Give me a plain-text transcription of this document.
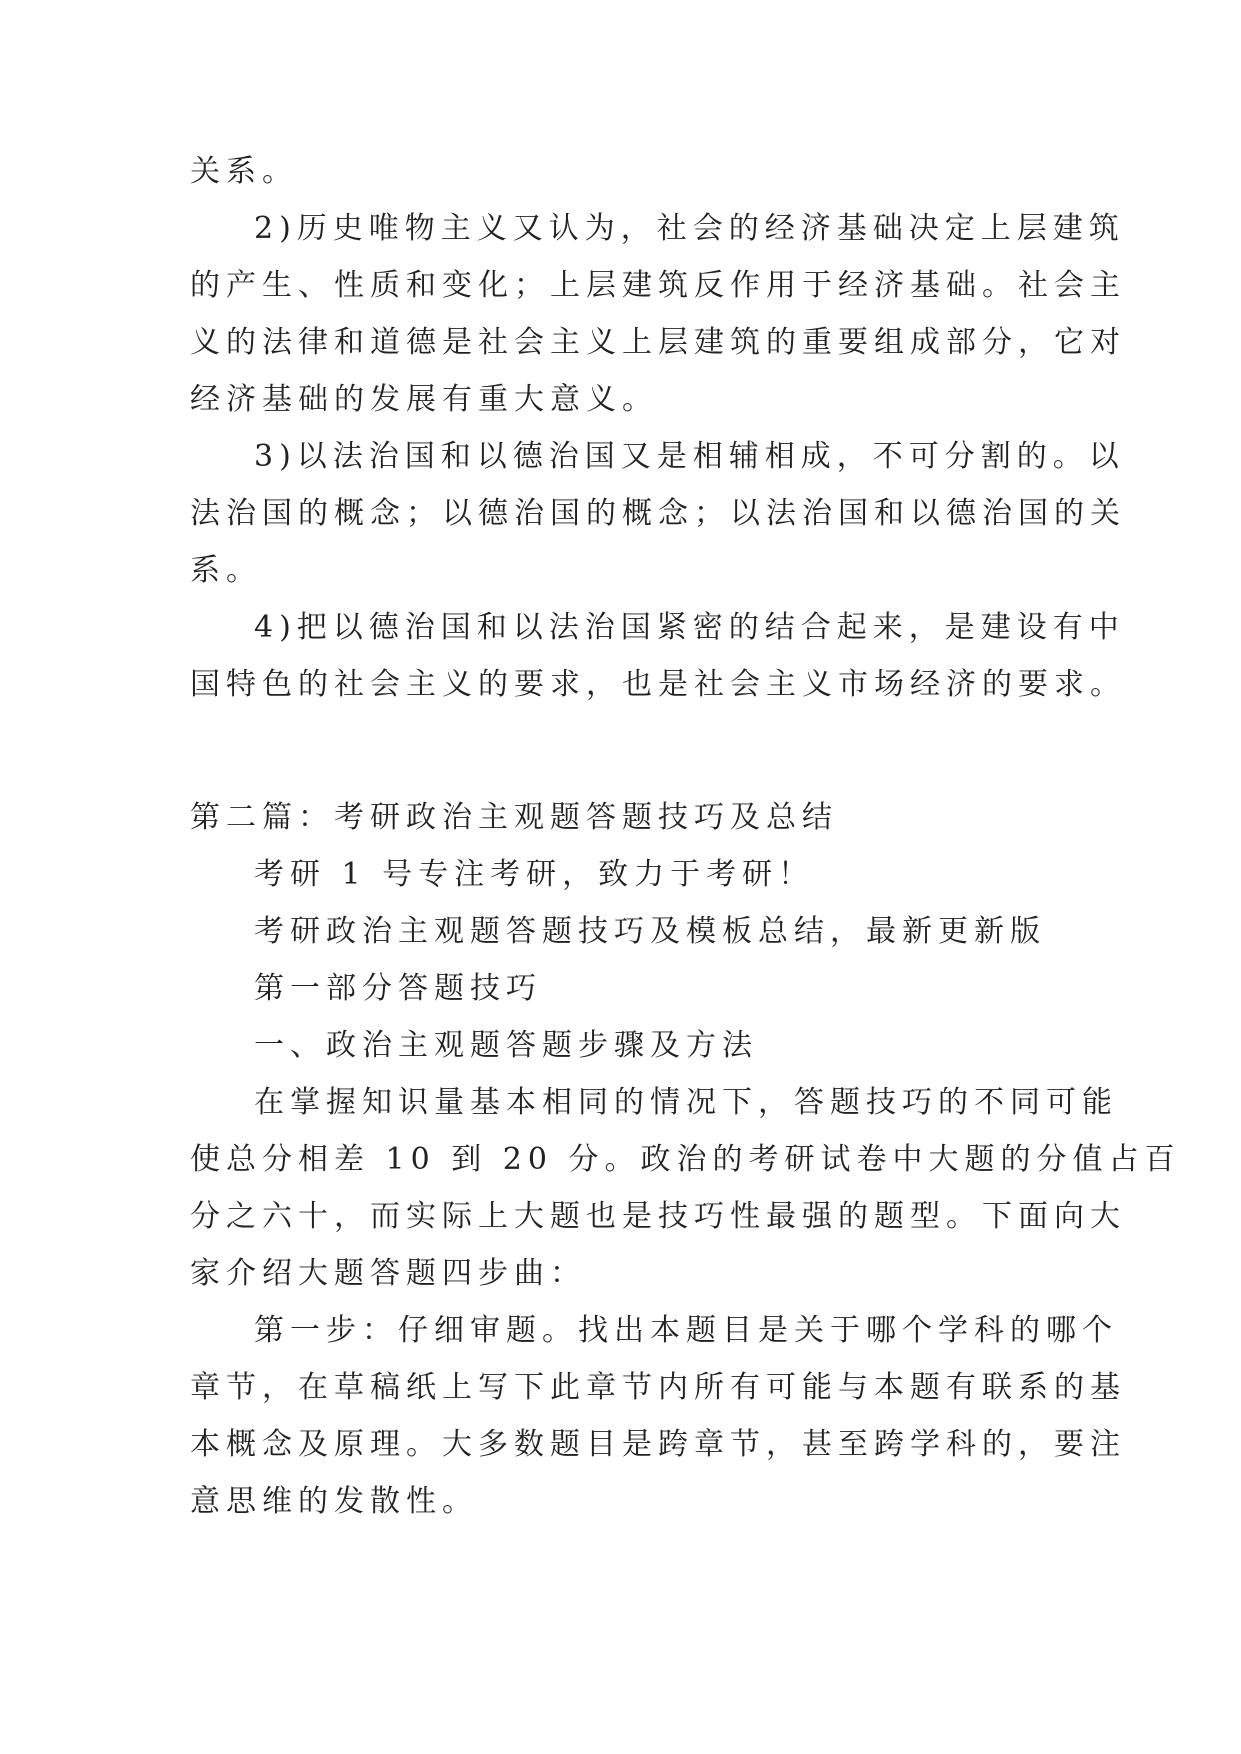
关系。
2)历史唯物主义又认为，社会的经济基础决定上层建筑
的产生、性质和变化；上层建筑反作用于经济基础。社会主
义的法律和道德是社会主义上层建筑的重要组成部分，它对
经济基础的发展有重大意义。
3)以法治国和以德治国又是相辅相成，不可分割的。以
法治国的概念；以德治国的概念；以法治国和以德治国的关
系。
4)把以德治国和以法治国紧密的结合起来，是建设有中
国特色的社会主义的要求，也是社会主义市场经济的要求。
第二篇：考研政治主观题答题技巧及总结
考研 1 号专注考研，致力于考研！
考研政治主观题答题技巧及模板总结，最新更新版
第一部分答题技巧
一、政治主观题答题步骤及方法
在掌握知识量基本相同的情况下，答题技巧的不同可能
使总分相差 10 到 20 分。政治的考研试卷中大题的分值占百
分之六十，而实际上大题也是技巧性最强的题型。下面向大
家介绍大题答题四步曲：
第一步：仔细审题。找出本题目是关于哪个学科的哪个
章节，在草稿纸上写下此章节内所有可能与本题有联系的基
本概念及原理。大多数题目是跨章节，甚至跨学科的，要注
意思维的发散性。
